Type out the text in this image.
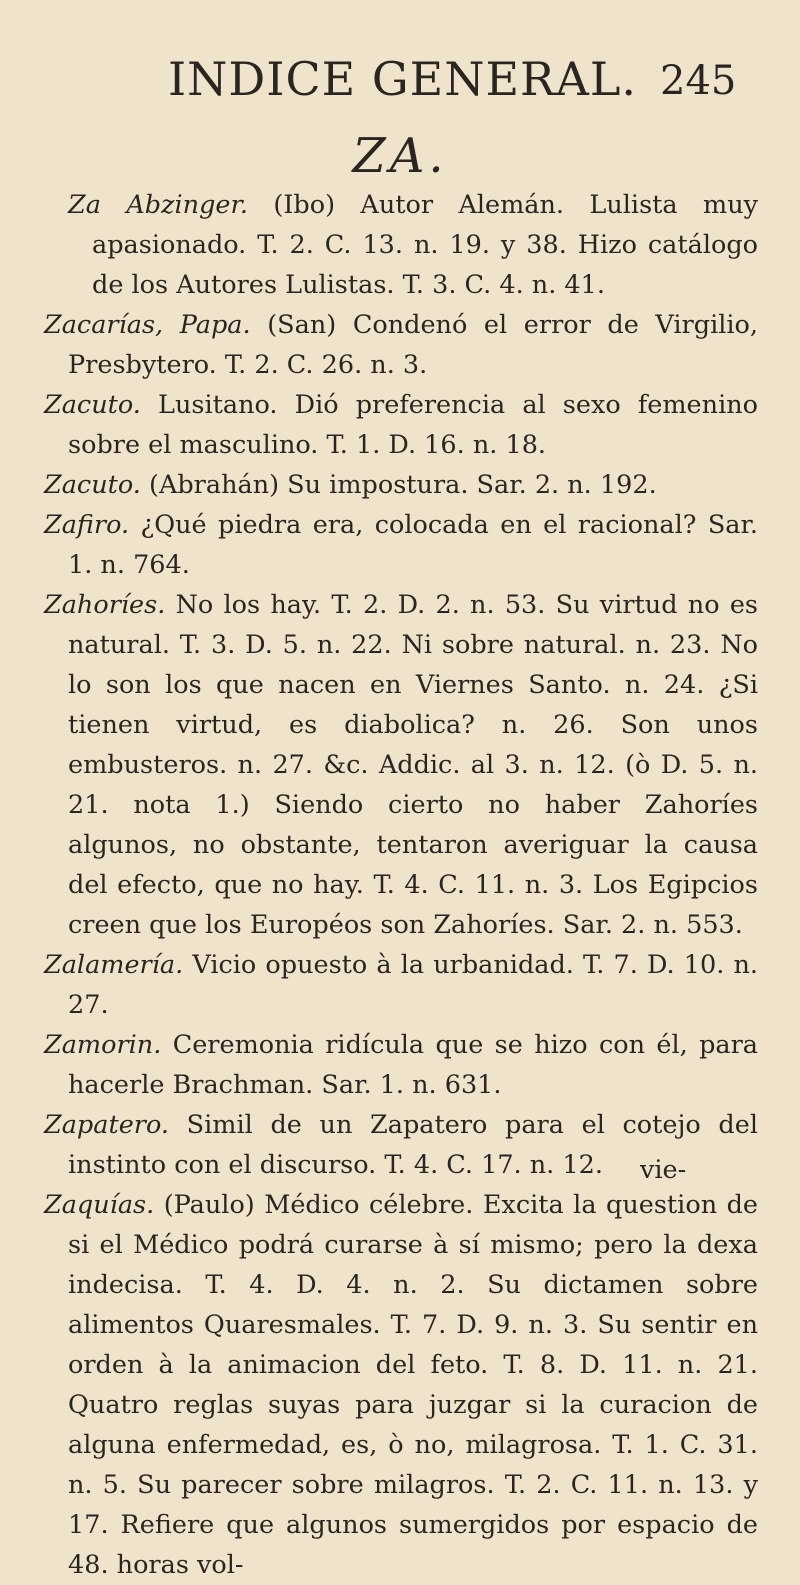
INDICE GENERAL. 245
ZA.

Za Abzinger. (Ibo) Autor Alemán. Lulista muy apasionado. T. 2. C. 13. n. 19. y 38. Hizo catálogo de los Autores Lulistas. T. 3. C. 4. n. 41.

Zacarías, Papa. (San) Condenó el error de Virgilio, Presbytero. T. 2. C. 26. n. 3.

Zacuto. Lusitano. Dió preferencia al sexo femenino sobre el masculino. T. 1. D. 16. n. 18.

Zacuto. (Abrahán) Su impostura. Sar. 2. n. 192.

Zafiro. ¿Qué piedra era, colocada en el racional? Sar. 1. n. 764.

Zahoríes. No los hay. T. 2. D. 2. n. 53. Su virtud no es natural. T. 3. D. 5. n. 22. Ni sobre natural. n. 23. No lo son los que nacen en Viernes Santo. n. 24. ¿Si tienen virtud, es diabolica? n. 26. Son unos embusteros. n. 27. &c. Addic. al 3. n. 12. (ò D. 5. n. 21. nota 1.) Siendo cierto no haber Zahoríes algunos, no obstante, tentaron averiguar la causa del efecto, que no hay. T. 4. C. 11. n. 3. Los Egipcios creen que los Européos son Zahoríes. Sar. 2. n. 553.

Zalamería. Vicio opuesto à la urbanidad. T. 7. D. 10. n. 27.

Zamorin. Ceremonia ridícula que se hizo con él, para hacerle Brachman. Sar. 1. n. 631.

Zapatero. Simil de un Zapatero para el cotejo del instinto con el discurso. T. 4. C. 17. n. 12.

Zaquías. (Paulo) Médico célebre. Excita la question de si el Médico podrá curarse à sí mismo; pero la dexa indecisa. T. 4. D. 4. n. 2. Su dictamen sobre alimentos Quaresmales. T. 7. D. 9. n. 3. Su sentir en orden à la animacion del feto. T. 8. D. 11. n. 21. Quatro reglas suyas para juzgar si la curacion de alguna enfermedad, es, ò no, milagrosa. T. 1. C. 31. n. 5. Su parecer sobre milagros. T. 2. C. 11. n. 13. y 17. Refiere que algunos sumergidos por espacio de 48. horas vol-

vie-
